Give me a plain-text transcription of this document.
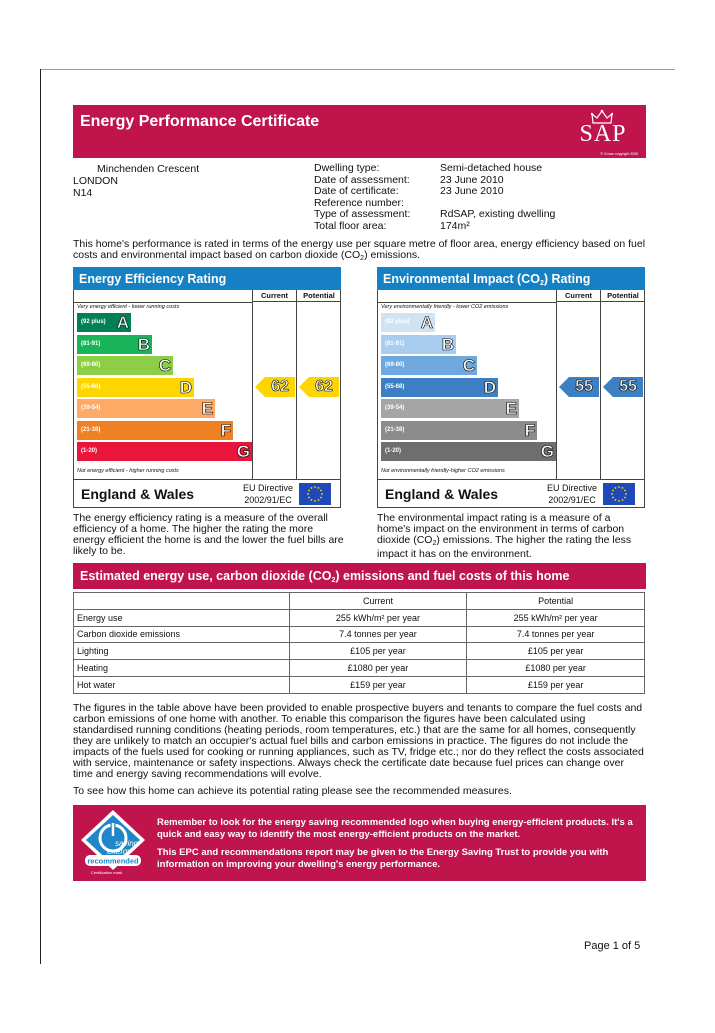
Energy Performance Certificate	SAP
© Crown copyright 2005
Minchenden Crescent
LONDON
N14
Dwelling type:	Semi-detached house
Date of assessment:	23 June 2010
Date of certificate:	23 June 2010
Reference number:
Type of assessment:	RdSAP, existing dwelling
Total floor area:	174m²
This home's performance is rated in terms of the energy use per square metre of floor area, energy efficiency based on fuel costs and environmental impact based on carbon dioxide $(CO_2)$ emissions.
Energy Efficiency Rating
Current	Potential
Very energy efficient - lower running costs
Not energy efficient - higher running costs
England & Wales	EU Directive
2002/91/EC
(92 plus) A
(81-91) B
(69-80)	C
(55-68)	D
(39-54)	E
(21-38)	F
(1-20)	G
62	62
Environmental Impact $(CO_2)$ Rating
Current	Potential
Very environmentally friendly - lower CO2 emissions
Not environmentally friendly-higher CO2 emissions
England & Wales	EU Directive
2002/91/EC
(92 plus) A
(81-91) B
(69-80)	C
(55-68)	D
(39-54)	E
(21-38)	F
(1-20)	G
55	55
The energy efficiency rating is a measure of the overall efficiency of a home. The higher the rating the more energy efficient the home is and the lower the fuel bills are likely to be.
The environmental impact rating is a measure of a home's impact on the environment in terms of carbon dioxide $(CO_2)$ emissions. The higher the rating the less impact it has on the environment.
Estimated energy use, carbon dioxide $(CO_2)$ emissions and fuel costs of this home
	Current	Potential
Energy use	255 kWh/m² per year	255 kWh/m² per year
Carbon dioxide emissions	7.4 tonnes per year	7.4 tonnes per year
Lighting	£105 per year	£105 per year
Heating	£1080 per year	£1080 per year
Hot water	£159 per year	£159 per year
The figures in the table above have been provided to enable prospective buyers and tenants to compare the fuel costs and carbon emissions of one home with another. To enable this comparison the figures have been calculated using standardised running conditions (heating periods, room temperatures, etc.) that are the same for all homes, consequently they are unlikely to match an occupier's actual fuel bills and carbon emissions in practice. The figures do not include the impacts of the fuels used for cooking or running appliances, such as TV, fridge etc.; nor do they reflect the costs associated with service, maintenance or safety inspections. Always check the certificate date because fuel prices can change over time and energy saving recommendations will evolve.
To see how this home can achieve its potential rating please see the recommended measures.
energy
saving
recommended
Certification mark
Remember to look for the energy saving recommended logo when buying energy-efficient products. It's a quick and easy way to identify the most energy-efficient products on the market.
This EPC and recommendations report may be given to the Energy Saving Trust to provide you with information on improving your dwelling's energy performance.
Page 1 of 5
